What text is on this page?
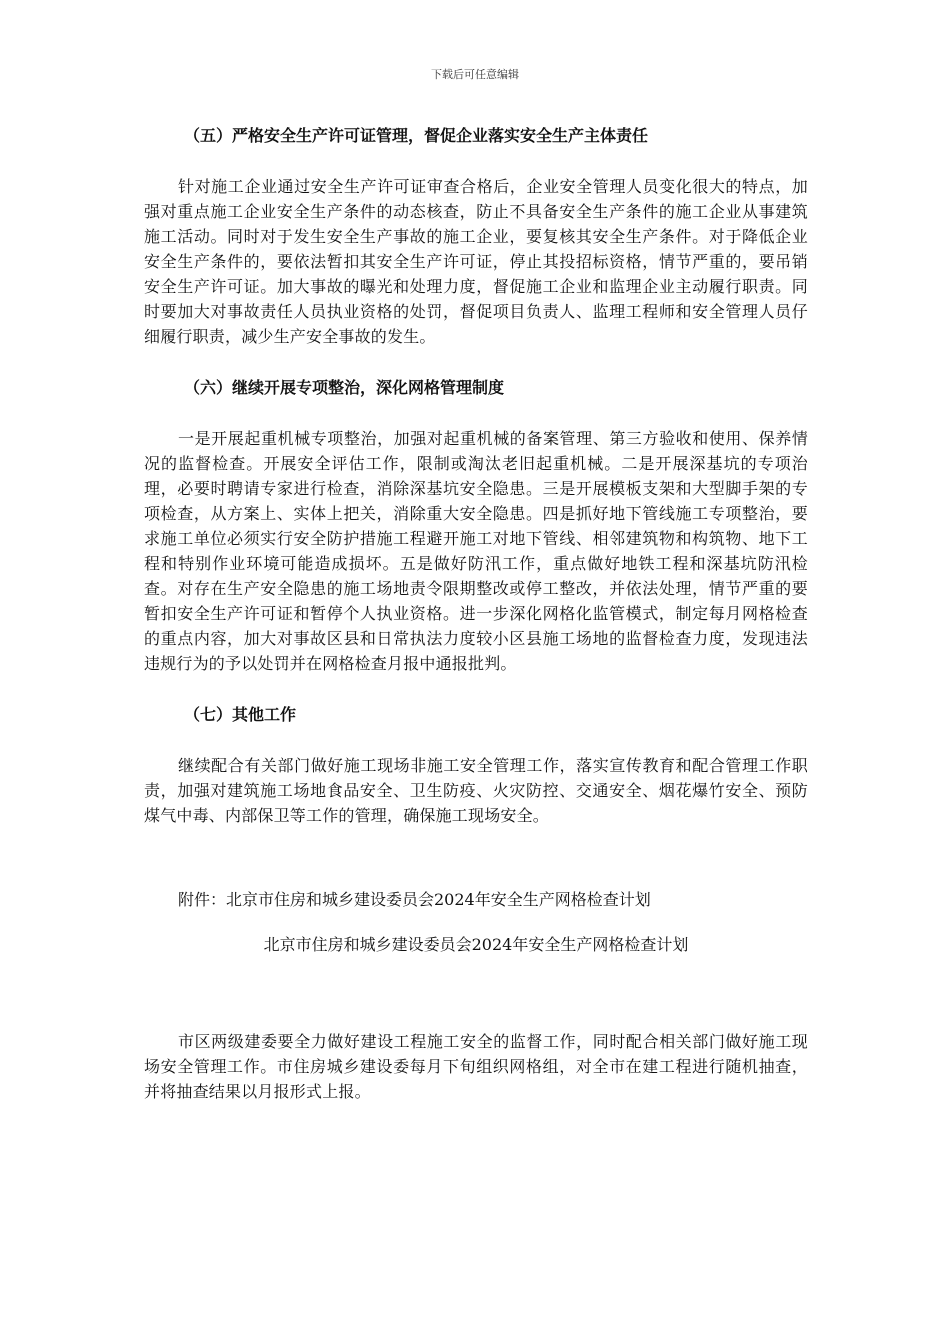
下载后可任意编辑

（五）严格安全生产许可证管理，督促企业落实安全生产主体责任

针对施工企业通过安全生产许可证审查合格后，企业安全管理人员变化很大的特点，加强对重点施工企业安全生产条件的动态核查，防止不具备安全生产条件的施工企业从事建筑施工活动。同时对于发生安全生产事故的施工企业，要复核其安全生产条件。对于降低企业安全生产条件的，要依法暂扣其安全生产许可证，停止其投招标资格，情节严重的，要吊销安全生产许可证。加大事故的曝光和处理力度，督促施工企业和监理企业主动履行职责。同时要加大对事故责任人员执业资格的处罚，督促项目负责人、监理工程师和安全管理人员仔细履行职责，减少生产安全事故的发生。

（六）继续开展专项整治，深化网格管理制度

一是开展起重机械专项整治，加强对起重机械的备案管理、第三方验收和使用、保养情况的监督检查。开展安全评估工作，限制或淘汰老旧起重机械。二是开展深基坑的专项治理，必要时聘请专家进行检查，消除深基坑安全隐患。三是开展模板支架和大型脚手架的专项检查，从方案上、实体上把关，消除重大安全隐患。四是抓好地下管线施工专项整治，要求施工单位必须实行安全防护措施工程避开施工对地下管线、相邻建筑物和构筑物、地下工程和特别作业环境可能造成损坏。五是做好防汛工作，重点做好地铁工程和深基坑防汛检查。对存在生产安全隐患的施工场地责令限期整改或停工整改，并依法处理，情节严重的要暂扣安全生产许可证和暂停个人执业资格。进一步深化网格化监管模式，制定每月网格检查的重点内容，加大对事故区县和日常执法力度较小区县施工场地的监督检查力度，发现违法违规行为的予以处罚并在网格检查月报中通报批判。

（七）其他工作

继续配合有关部门做好施工现场非施工安全管理工作，落实宣传教育和配合管理工作职责，加强对建筑施工场地食品安全、卫生防疫、火灾防控、交通安全、烟花爆竹安全、预防煤气中毒、内部保卫等工作的管理，确保施工现场安全。

附件：北京市住房和城乡建设委员会2024年安全生产网格检查计划

北京市住房和城乡建设委员会2024年安全生产网格检查计划

市区两级建委要全力做好建设工程施工安全的监督工作，同时配合相关部门做好施工现场安全管理工作。市住房城乡建设委每月下旬组织网格组，对全市在建工程进行随机抽查，并将抽查结果以月报形式上报。
